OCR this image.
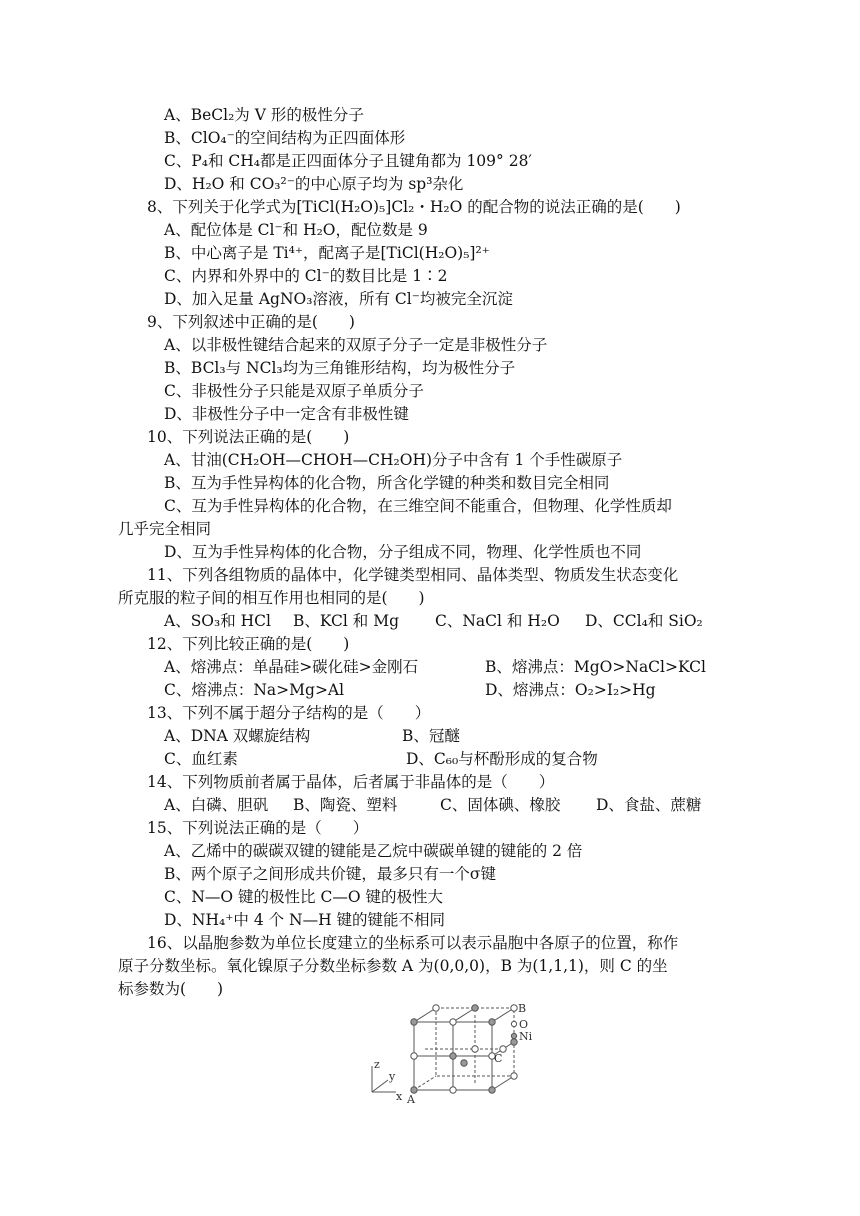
A、BeCl₂为 V 形的极性分子
B、ClO₄⁻的空间结构为正四面体形
C、P₄和 CH₄都是正四面体分子且键角都为 109° 28′
D、H₂O 和 CO₃²⁻的中心原子均为 sp³杂化
8、下列关于化学式为[TiCl(H₂O)₅]Cl₂・H₂O 的配合物的说法正确的是(　　)
A、配位体是 Cl⁻和 H₂O，配位数是 9
B、中心离子是 Ti⁴⁺，配离子是[TiCl(H₂O)₅]²⁺
C、内界和外界中的 Cl⁻的数目比是 1∶2
D、加入足量 AgNO₃溶液，所有 Cl⁻均被完全沉淀
9、下列叙述中正确的是(　　)
A、以非极性键结合起来的双原子分子一定是非极性分子
B、BCl₃与 NCl₃均为三角锥形结构，均为极性分子
C、非极性分子只能是双原子单质分子
D、非极性分子中一定含有非极性键
10、下列说法正确的是(　　)
A、甘油(CH₂OH—CHOH—CH₂OH)分子中含有 1 个手性碳原子
B、互为手性异构体的化合物，所含化学键的种类和数目完全相同
C、互为手性异构体的化合物，在三维空间不能重合，但物理、化学性质却
几乎完全相同
D、互为手性异构体的化合物，分子组成不同，物理、化学性质也不同
11、下列各组物质的晶体中，化学键类型相同、晶体类型、物质发生状态变化
所克服的粒子间的相互作用也相同的是(　　)
A、SO₃和 HCl B、KCl 和 Mg C、NaCl 和 H₂O D、CCl₄和 SiO₂
12、下列比较正确的是(　　)
A、熔沸点：单晶硅>碳化硅>金刚石	B、熔沸点：MgO>NaCl>KCl
C、熔沸点：Na>Mg>Al	D、熔沸点：O₂>I₂>Hg
13、下列不属于超分子结构的是（　　）
A、DNA 双螺旋结构	B、冠醚
C、血红素	D、C₆₀与杯酚形成的复合物
14、下列物质前者属于晶体，后者属于非晶体的是（　　）
A、白磷、胆矾 B、陶瓷、塑料	C、固体碘、橡胶 D、食盐、蔗糖
15、下列说法正确的是（　　）
A、乙烯中的碳碳双键的键能是乙烷中碳碳单键的键能的 2 倍
B、两个原子之间形成共价键，最多只有一个σ键
C、N—O 键的极性比 C—O 键的极性大
D、NH₄⁺中 4 个 N—H 键的键能不相同
16、以晶胞参数为单位长度建立的坐标系可以表示晶胞中各原子的位置，称作
原子分数坐标。氧化镍原子分数坐标参数 A 为(0,0,0)，B 为(1,1,1)，则 C 的坐
标参数为(　　)
z
y
x
B
A
C
O
Ni
